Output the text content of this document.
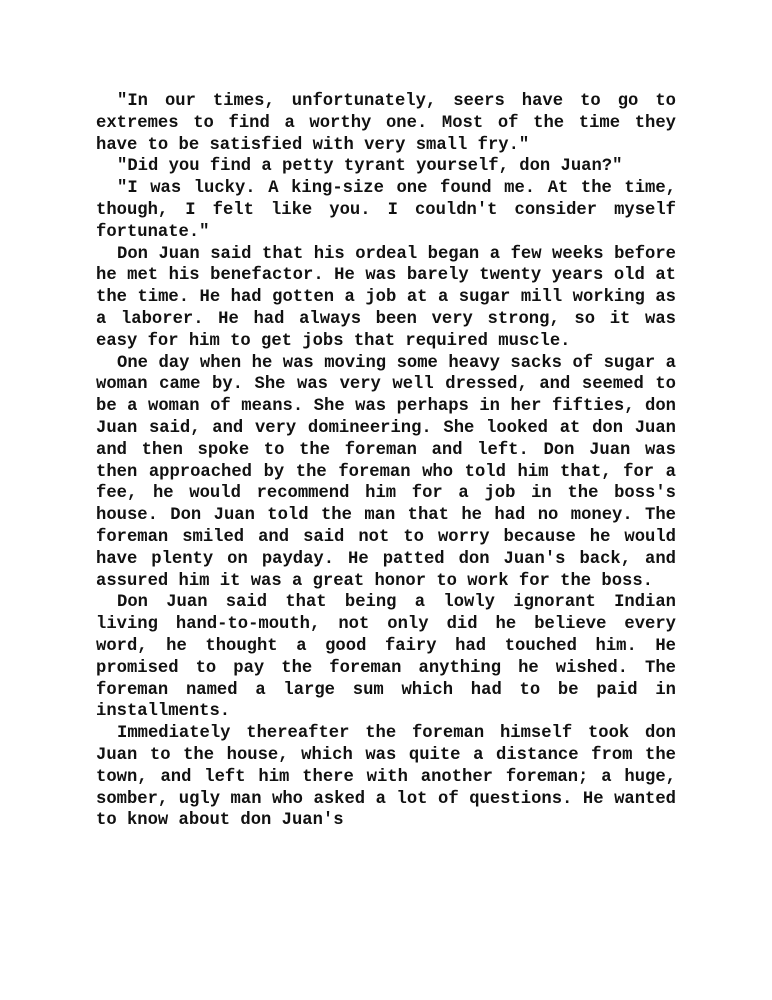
"In our times, unfortunately, seers have to go to extremes to find a worthy one. Most of the time they have to be satisfied with very small fry."

"Did you find a petty tyrant yourself, don Juan?"

"I was lucky. A king-size one found me. At the time, though, I felt like you. I couldn't consider myself fortunate."

Don Juan said that his ordeal began a few weeks before he met his benefactor. He was barely twenty years old at the time. He had gotten a job at a sugar mill working as a laborer. He had always been very strong, so it was easy for him to get jobs that required muscle.

One day when he was moving some heavy sacks of sugar a woman came by. She was very well dressed, and seemed to be a woman of means. She was perhaps in her fifties, don Juan said, and very domineering. She looked at don Juan and then spoke to the foreman and left. Don Juan was then approached by the foreman who told him that, for a fee, he would recommend him for a job in the boss's house. Don Juan told the man that he had no money. The foreman smiled and said not to worry because he would have plenty on payday. He patted don Juan's back, and assured him it was a great honor to work for the boss.

Don Juan said that being a lowly ignorant Indian living hand-to-mouth, not only did he believe every word, he thought a good fairy had touched him. He promised to pay the foreman anything he wished. The foreman named a large sum which had to be paid in installments.

Immediately thereafter the foreman himself took don Juan to the house, which was quite a distance from the town, and left him there with another foreman; a huge, somber, ugly man who asked a lot of questions. He wanted to know about don Juan's
